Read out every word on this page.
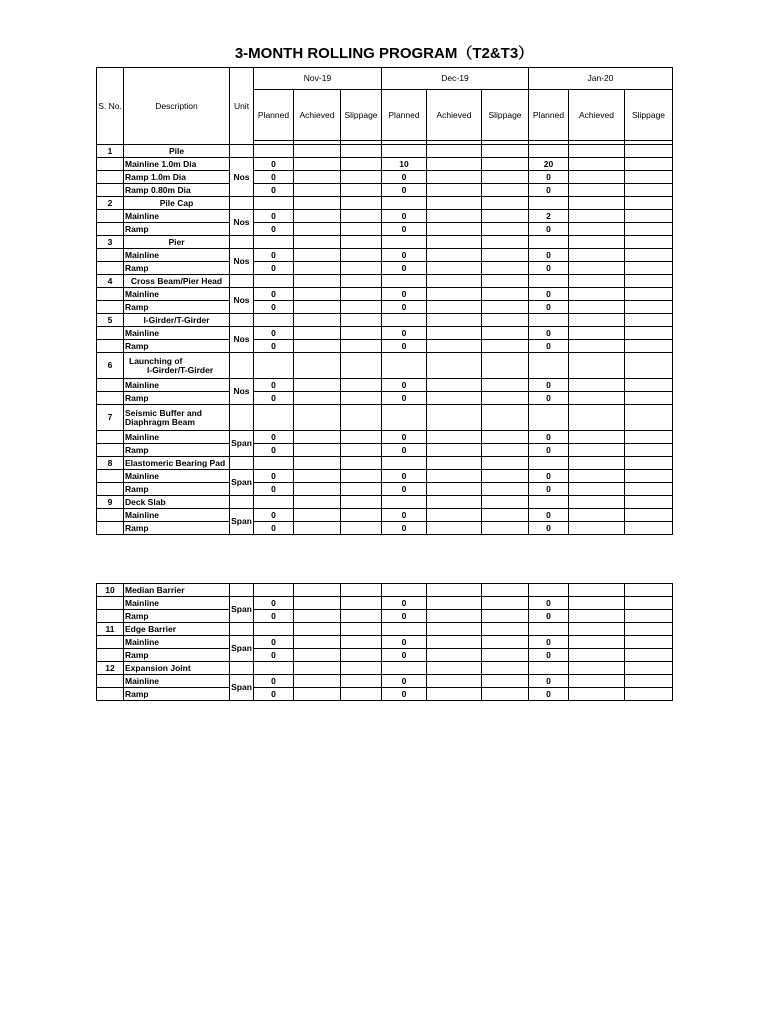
3-MONTH ROLLING PROGRAM（T2&T3）
S. No.	Description	Unit	Nov-19			Dec-19			Jan-20		
			Planned	Achieved	Slippage	Planned	Achieved	Slippage	Planned	Achieved	Slippage

1	Pile										
	Mainline 1.0m Dia	Nos	0			10			20		
	Ramp 1.0m Dia		0			0			0		
	Ramp 0.80m Dia		0			0			0		
2	Pile Cap										
	Mainline	Nos	0			0			2		
	Ramp		0			0			0		
3	Pier										
	Mainline	Nos	0			0			0		
	Ramp		0			0			0		
4	Cross Beam/Pier Head										
	Mainline	Nos	0			0			0		
	Ramp		0			0			0		
5	I-Girder/T-Girder										
	Mainline	Nos	0			0			0		
	Ramp		0			0			0		
6	Launching of
I-Girder/T-Girder										

	Mainline	Nos	0			0			0		
	Ramp		0			0			0		
7	Seismic Buffer and
Diaphragm Beam										

	Mainline	Span	0			0			0		
	Ramp		0			0			0		
8	Elastomeric Bearing Pad										
	Mainline	Span	0			0			0		
	Ramp		0			0			0		
9	Deck Slab										
	Mainline	Span	0			0			0		
	Ramp		0			0			0		
10	Median Barrier										
	Mainline	Span	0			0			0		
	Ramp		0			0			0		
11	Edge Barrier										
	Mainline	Span	0			0			0		
	Ramp		0			0			0		
12	Expansion Joint										
	Mainline	Span	0			0			0		
	Ramp		0			0			0		
